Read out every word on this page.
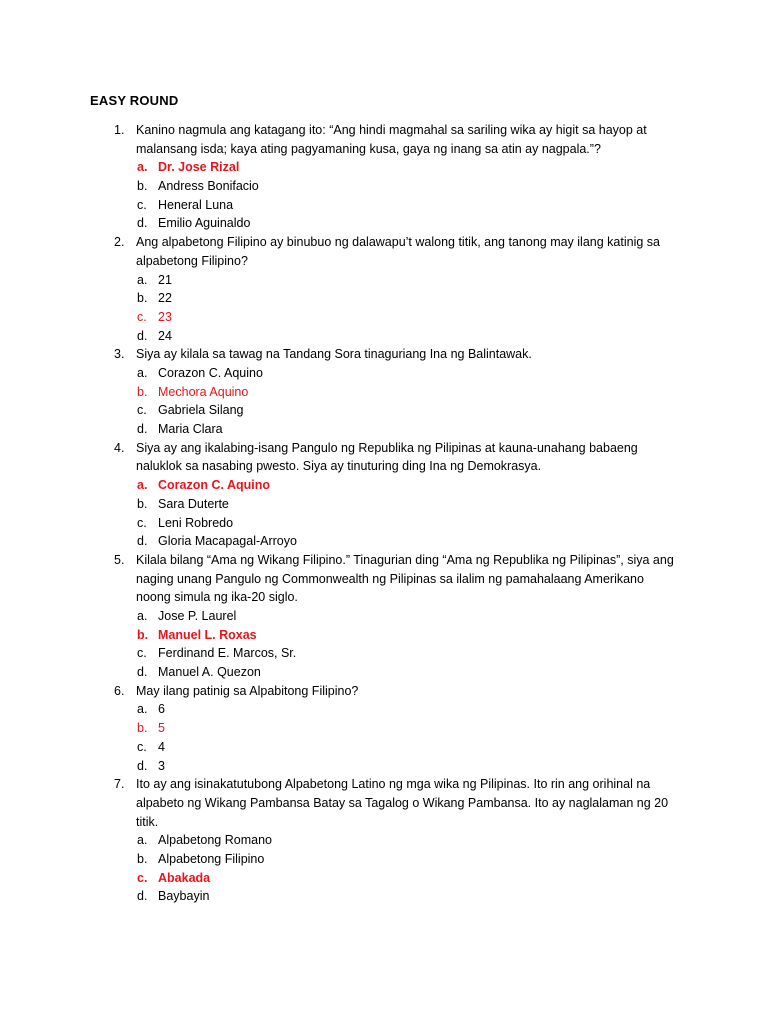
EASY ROUND
1. Kanino nagmula ang katagang ito: “Ang hindi magmahal sa sariling wika ay higit sa hayop at malansang isda; kaya ating pagyamaning kusa, gaya ng inang sa atin ay nagpala.”?
a. Dr. Jose Rizal
b. Andress Bonifacio
c. Heneral Luna
d. Emilio Aguinaldo
2. Ang alpabetong Filipino ay binubuo ng dalawapu’t walong titik, ang tanong may ilang katinig sa alpabetong Filipino?
a. 21
b. 22
c. 23
d. 24
3. Siya ay kilala sa tawag na Tandang Sora tinaguriang Ina ng Balintawak.
a. Corazon C. Aquino
b. Mechora Aquino
c. Gabriela Silang
d. Maria Clara
4. Siya ay ang ikalabing-isang Pangulo ng Republika ng Pilipinas at kauna-unahang babaeng naluklok sa nasabing pwesto. Siya ay tinuturing ding Ina ng Demokrasya.
a. Corazon C. Aquino
b. Sara Duterte
c. Leni Robredo
d. Gloria Macapagal-Arroyo
5. Kilala bilang “Ama ng Wikang Filipino.” Tinagurian ding “Ama ng Republika ng Pilipinas”, siya ang naging unang Pangulo ng Commonwealth ng Pilipinas sa ilalim ng pamahalaang Amerikano noong simula ng ika-20 siglo.
a. Jose P. Laurel
b. Manuel L. Roxas
c. Ferdinand E. Marcos, Sr.
d. Manuel A. Quezon
6. May ilang patinig sa Alpabitong Filipino?
a. 6
b. 5
c. 4
d. 3
7. Ito ay ang isinakatutubong Alpabetong Latino ng mga wika ng Pilipinas. Ito rin ang orihinal na alpabeto ng Wikang Pambansa Batay sa Tagalog o Wikang Pambansa. Ito ay naglalaman ng 20 titik.
a. Alpabetong Romano
b. Alpabetong Filipino
c. Abakada
d. Baybayin
